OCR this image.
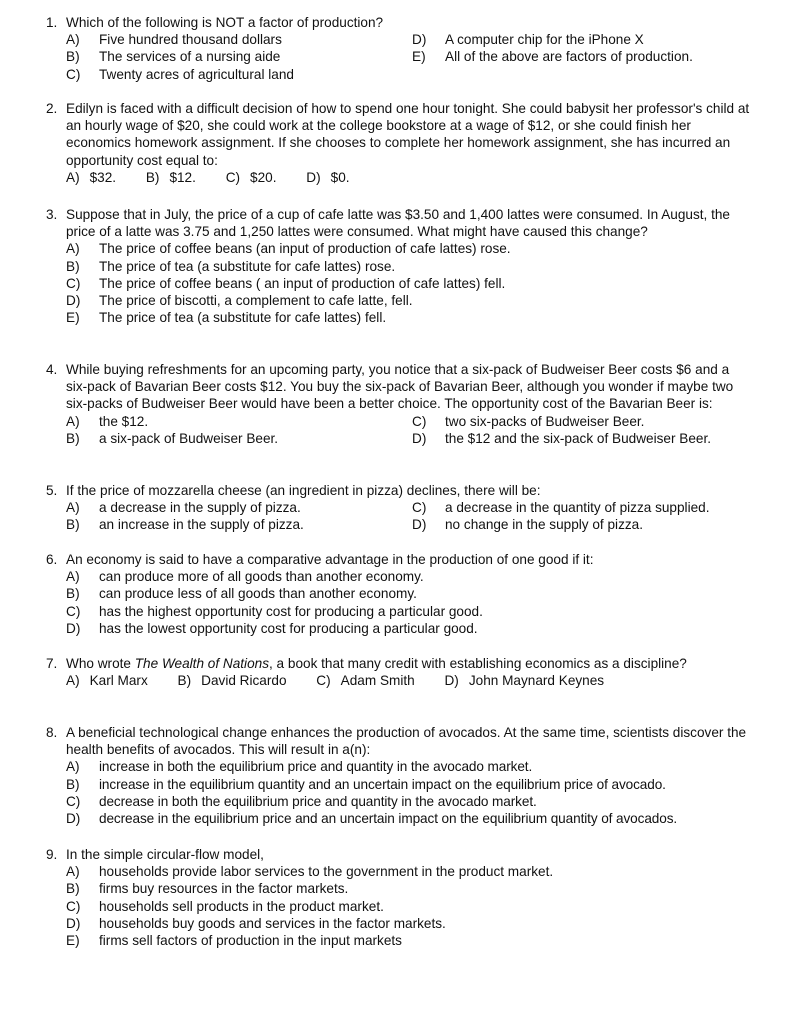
1. Which of the following is NOT a factor of production?
A)	Five hundred thousand dollars
B)	The services of a nursing aide
C)	Twenty acres of agricultural land
D)	A computer chip for the iPhone X
E)	All of the above are factors of production.
2. Edilyn is faced with a difficult decision of how to spend one hour tonight. She could babysit her professor's child at an hourly wage of $20, she could work at the college bookstore at a wage of $12, or she could finish her economics homework assignment. If she chooses to complete her homework assignment, she has incurred an opportunity cost equal to:
A) $32. B) $12. C) $20. D) $0.
3. Suppose that in July, the price of a cup of cafe latte was $3.50 and 1,400 lattes were consumed. In August, the price of a latte was 3.75 and 1,250 lattes were consumed. What might have caused this change?
A)	The price of coffee beans (an input of production of cafe lattes) rose.
B)	The price of tea (a substitute for cafe lattes) rose.
C)	The price of coffee beans ( an input of production of cafe lattes) fell.
D)	The price of biscotti, a complement to cafe latte, fell.
E)	The price of tea (a substitute for cafe lattes) fell.
4. While buying refreshments for an upcoming party, you notice that a six-pack of Budweiser Beer costs $6 and a six-pack of Bavarian Beer costs $12. You buy the six-pack of Bavarian Beer, although you wonder if maybe two six-packs of Budweiser Beer would have been a better choice. The opportunity cost of the Bavarian Beer is:
A)	the $12.
B)	a six-pack of Budweiser Beer.
C)	two six-packs of Budweiser Beer.
D)	the $12 and the six-pack of Budweiser Beer.
5. If the price of mozzarella cheese (an ingredient in pizza) declines, there will be:
A)	a decrease in the supply of pizza.
B)	an increase in the supply of pizza.
C)	a decrease in the quantity of pizza supplied.
D)	no change in the supply of pizza.
6. An economy is said to have a comparative advantage in the production of one good if it:
A)	can produce more of all goods than another economy.
B)	can produce less of all goods than another economy.
C)	has the highest opportunity cost for producing a particular good.
D)	has the lowest opportunity cost for producing a particular good.
7. Who wrote The Wealth of Nations, a book that many credit with establishing economics as a discipline?
A) Karl Marx B) David Ricardo C) Adam Smith D) John Maynard Keynes
8. A beneficial technological change enhances the production of avocados. At the same time, scientists discover the health benefits of avocados. This will result in a(n):
A)	increase in both the equilibrium price and quantity in the avocado market.
B)	increase in the equilibrium quantity and an uncertain impact on the equilibrium price of avocado.
C)	decrease in both the equilibrium price and quantity in the avocado market.
D)	decrease in the equilibrium price and an uncertain impact on the equilibrium quantity of avocados.
9. In the simple circular-flow model,
A)	households provide labor services to the government in the product market.
B)	firms buy resources in the factor markets.
C)	households sell products in the product market.
D)	households buy goods and services in the factor markets.
E)	firms sell factors of production in the input markets
